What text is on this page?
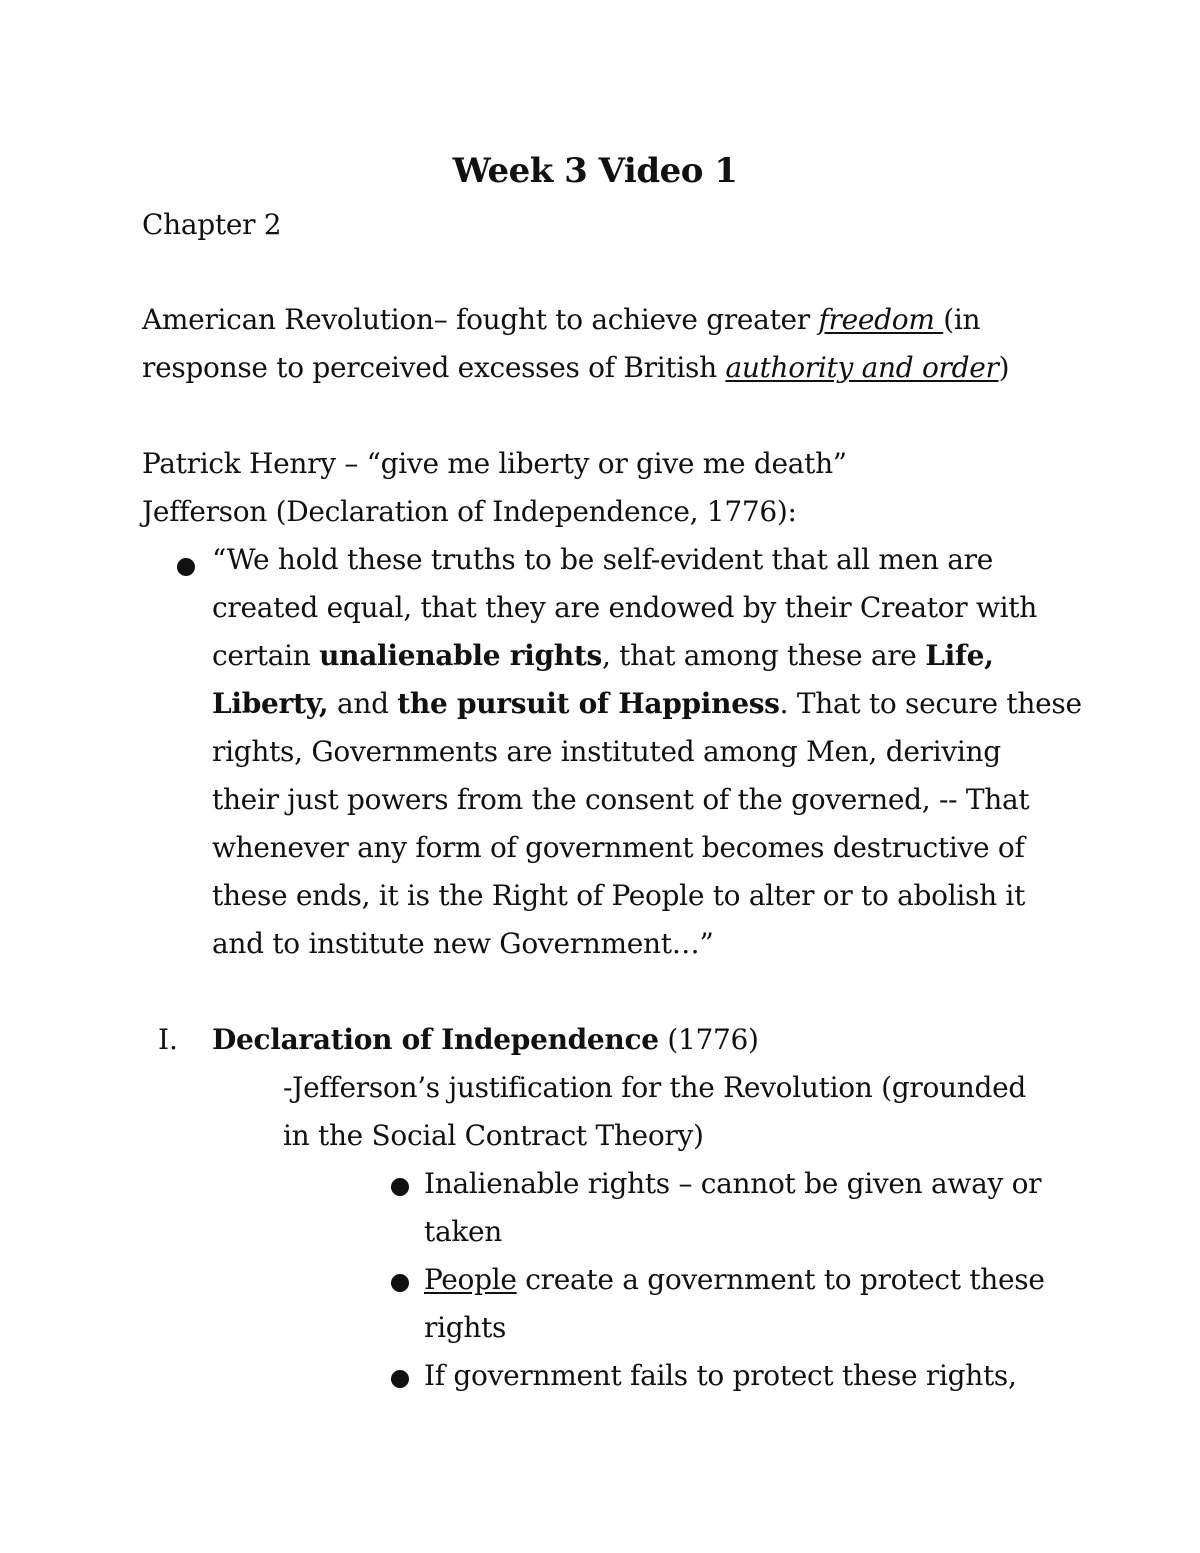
Week 3 Video 1
Chapter 2
American Revolution– fought to achieve greater freedom (in
response to perceived excesses of British authority and order)
Patrick Henry – “give me liberty or give me death”
Jefferson (Declaration of Independence, 1776):
“We hold these truths to be self-evident that all men are
created equal, that they are endowed by their Creator with
certain unalienable rights, that among these are Life,
Liberty, and the pursuit of Happiness. That to secure these
rights, Governments are instituted among Men, deriving
their just powers from the consent of the governed, -- That
whenever any form of government becomes destructive of
these ends, it is the Right of People to alter or to abolish it
and to institute new Government…”
I. Declaration of Independence (1776)
-Jefferson’s justification for the Revolution (grounded
in the Social Contract Theory)
Inalienable rights – cannot be given away or
taken
People create a government to protect these
rights
If government fails to protect these rights,
